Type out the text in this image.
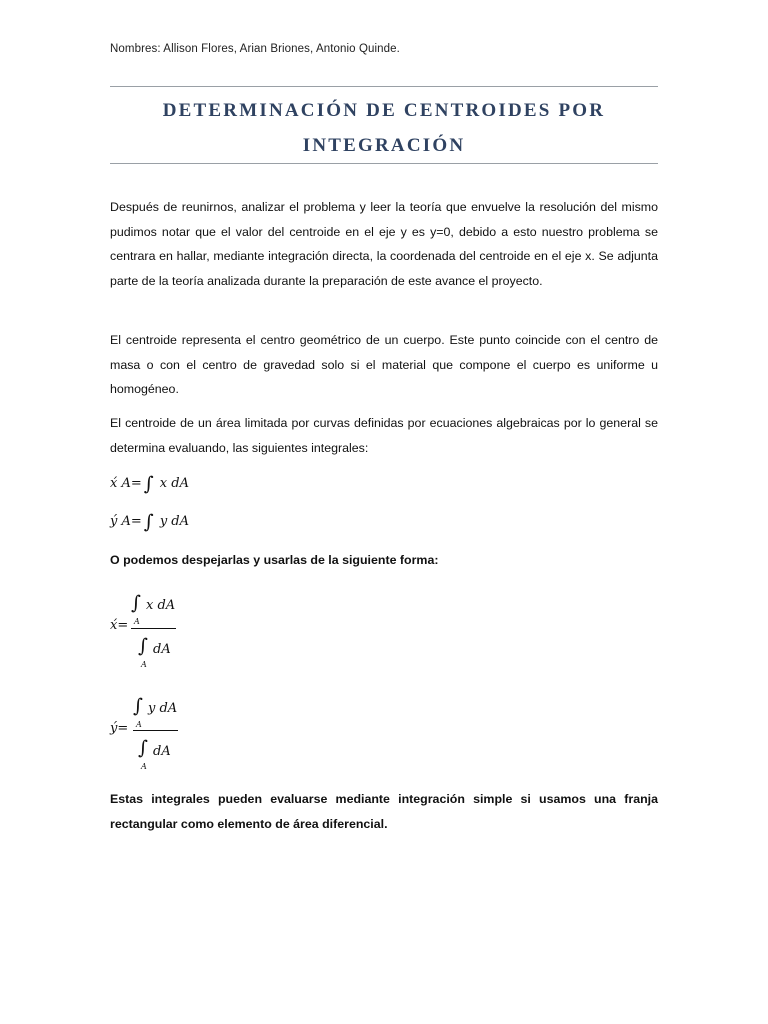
Nombres: Allison Flores, Arian Briones, Antonio Quinde.
DETERMINACIÓN DE CENTROIDES POR
INTEGRACIÓN
Después de reunirnos, analizar el problema y leer la teoría que envuelve la resolución del mismo pudimos notar que el valor del centroide en el eje y es y=0, debido a esto nuestro problema se centrara en hallar, mediante integración directa, la coordenada del centroide en el eje x. Se adjunta parte de la teoría analizada durante la preparación de este avance el proyecto.
El centroide representa el centro geométrico de un cuerpo. Este punto coincide con el centro de masa o con el centro de gravedad solo si el material que compone el cuerpo es uniforme u homogéneo.
El centroide de un área limitada por curvas definidas por ecuaciones algebraicas por lo general se determina evaluando, las siguientes integrales:
x́ A= ∫ x dA
ý A= ∫ y dA
O podemos despejarlas y usarlas de la siguiente forma:
x́=
∫ x dA
A
∫ dA
A
ý=
∫ y dA
A
∫ dA
A
Estas integrales pueden evaluarse mediante integración simple si usamos una franja rectangular como elemento de área diferencial.
